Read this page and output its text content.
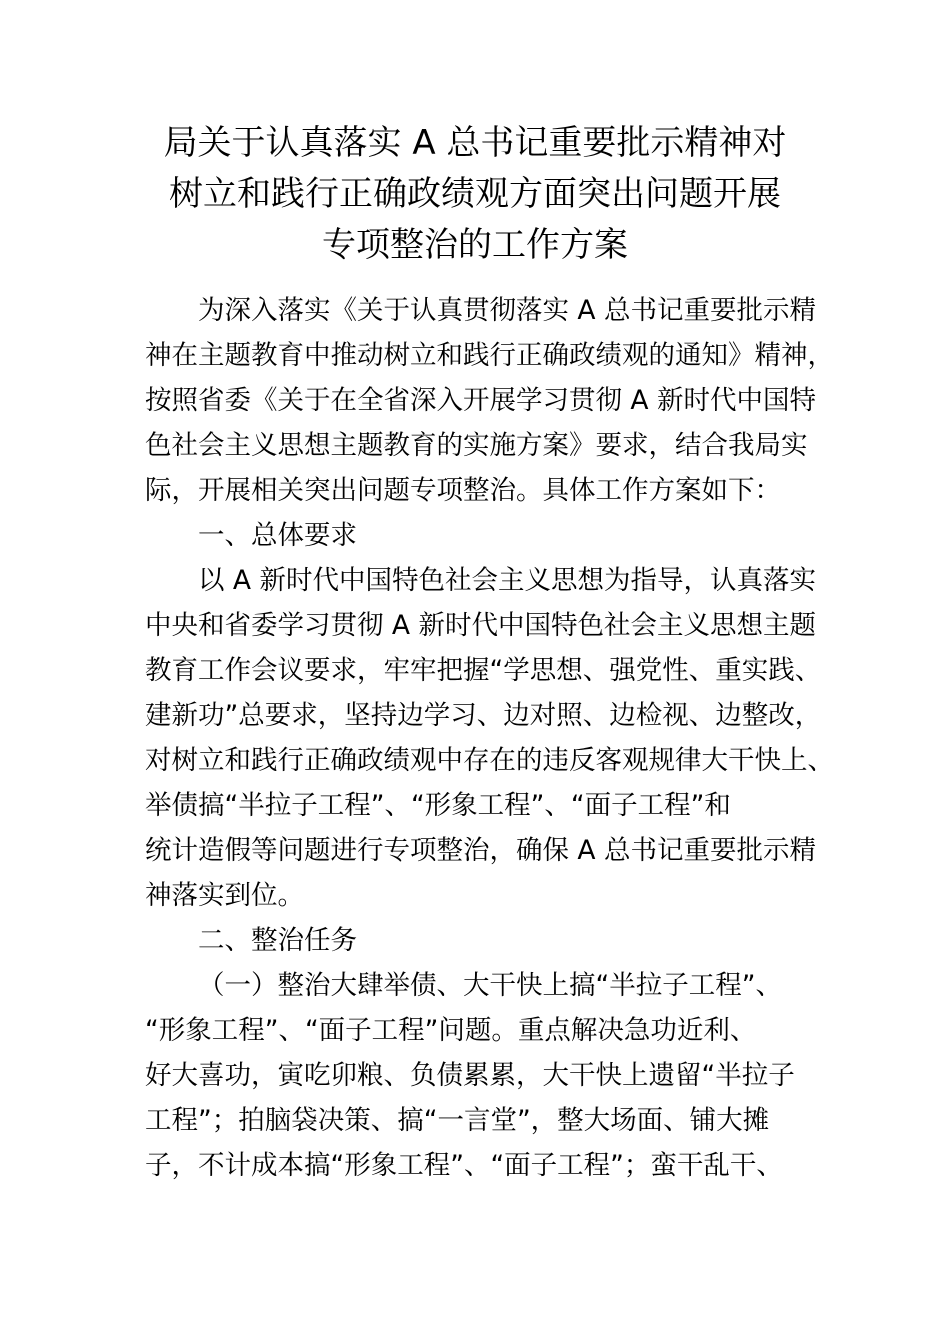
局关于认真落实 A 总书记重要批示精神对
树立和践行正确政绩观方面突出问题开展
专项整治的工作方案
为深入落实《关于认真贯彻落实 A 总书记重要批示精
神在主题教育中推动树立和践行正确政绩观的通知》精神，
按照省委《关于在全省深入开展学习贯彻 A 新时代中国特
色社会主义思想主题教育的实施方案》要求，结合我局实
际，开展相关突出问题专项整治。具体工作方案如下：
一、总体要求
以 A 新时代中国特色社会主义思想为指导，认真落实
中央和省委学习贯彻 A 新时代中国特色社会主义思想主题
教育工作会议要求，牢牢把握“学思想、强党性、重实践、
建新功”总要求，坚持边学习、边对照、边检视、边整改，
对树立和践行正确政绩观中存在的违反客观规律大干快上、
举债搞“半拉子工程”、“形象工程”、“面子工程”和
统计造假等问题进行专项整治，确保 A 总书记重要批示精
神落实到位。
二、整治任务
（一）整治大肆举债、大干快上搞“半拉子工程”、
“形象工程”、“面子工程”问题。重点解决急功近利、
好大喜功，寅吃卯粮、负债累累，大干快上遗留“半拉子
工程”；拍脑袋决策、搞“一言堂”，整大场面、铺大摊
子，不计成本搞“形象工程”、“面子工程”；蛮干乱干、
